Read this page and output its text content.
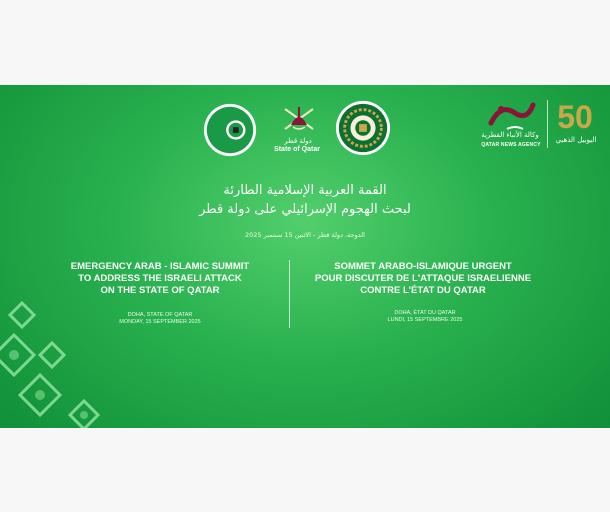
دولة قطر
State of Qatar
وكالة الأنباء القطرية
QATAR NEWS AGENCY
50
اليوبيل الذهبي
القمة العربية الإسلامية الطارئة
لبحث الهجوم الإسرائيلي على دولة قطر
الدوحة، دولة قطر - الاثنين 15 سبتمبر 2025
EMERGENCY ARAB - ISLAMIC SUMMIT
TO ADDRESS THE ISRAELI ATTACK
ON THE STATE OF QATAR
DOHA, STATE OF QATAR
MONDAY, 15 SEPTEMBER 2025
SOMMET ARABO-ISLAMIQUE URGENT
POUR DISCUTER DE L'ATTAQUE ISRAELIENNE
CONTRE L'ÉTAT DU QATAR
DOHA, ÉTAT DU QATAR
LUNDI, 15 SEPTEMBRE 2025
